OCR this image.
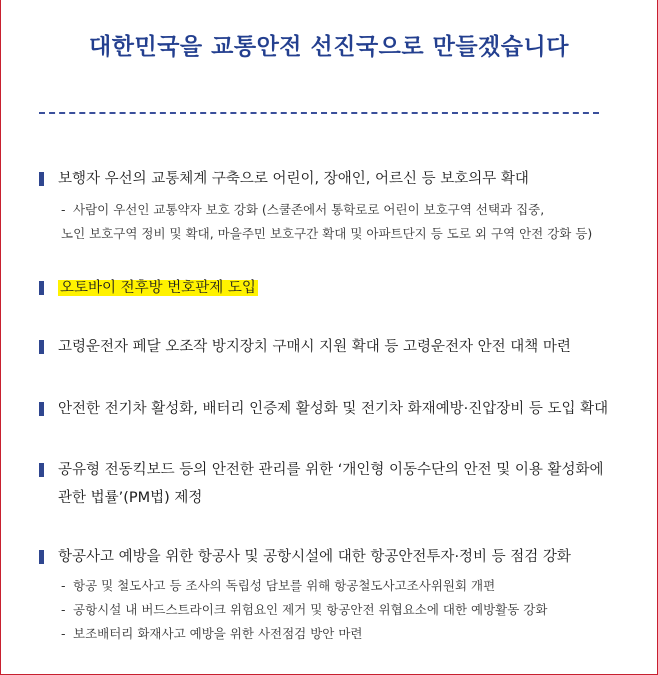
대한민국을 교통안전 선진국으로 만들겠습니다
보행자 우선의 교통체계 구축으로 어린이, 장애인, 어르신 등 보호의무 확대
- 사람이 우선인 교통약자 보호 강화 (스쿨존에서 통학로로 어린이 보호구역 선택과 집중,
노인 보호구역 정비 및 확대, 마을주민 보호구간 확대 및 아파트단지 등 도로 외 구역 안전 강화 등)
오토바이 전후방 번호판제 도입
고령운전자 페달 오조작 방지장치 구매시 지원 확대 등 고령운전자 안전 대책 마련
안전한 전기차 활성화, 배터리 인증제 활성화 및 전기차 화재예방·진압장비 등 도입 확대
공유형 전동킥보드 등의 안전한 관리를 위한 ‘개인형 이동수단의 안전 및 이용 활성화에
관한 법률’(PM법) 제정
항공사고 예방을 위한 항공사 및 공항시설에 대한 항공안전투자·정비 등 점검 강화
- 항공 및 철도사고 등 조사의 독립성 담보를 위해 항공철도사고조사위원회 개편
- 공항시설 내 버드스트라이크 위험요인 제거 및 항공안전 위협요소에 대한 예방활동 강화
- 보조배터리 화재사고 예방을 위한 사전점검 방안 마련
